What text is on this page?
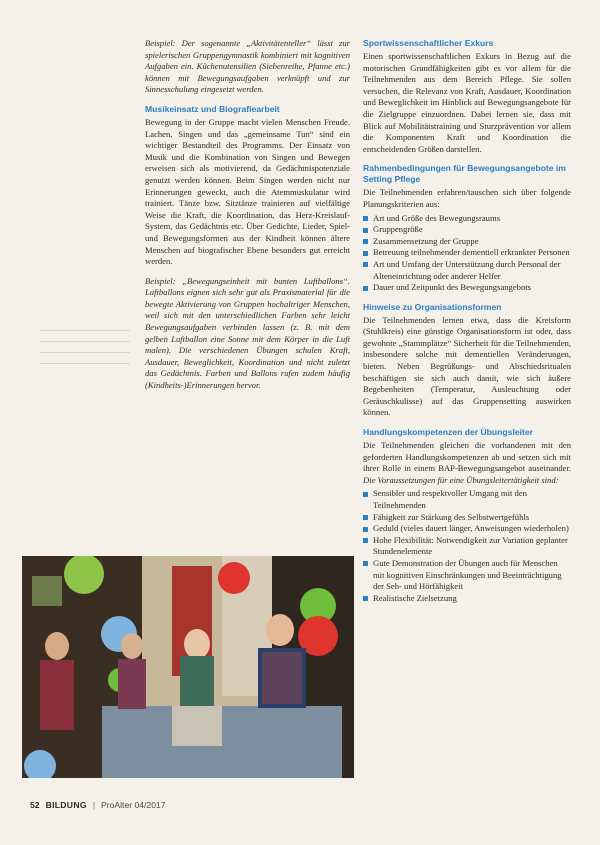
Beispiel: Der sogenannte „Aktivitätenteller“ lässt zur spielerischen Gruppengymnastik kombiniert mit kognitiven Aufgaben ein. Küchenutensilien (Siebenreihe, Pfanne etc.) können mit Bewegungsaufgaben verknüpft und zur Sinnesschulung eingesetzt werden.

Musikeinsatz und Biografiearbeit

Bewegung in der Gruppe macht vielen Menschen Freude. Lachen, Singen und das „gemeinsame Tun“ sind ein wichtiger Bestandteil des Programms. Der Einsatz von Musik und die Kombination von Singen und Bewegen erweisen sich als motivierend, da Gedächtnispotenziale genutzt werden können. Beim Singen werden nicht nur Erinnerungen geweckt, auch die Atemmuskulatur wird trainiert. Tänze bzw. Sitztänze trainieren auf vielfältige Weise die Kraft, die Koordination, das Herz-Kreislauf-System, das Gedächtnis etc. Über Gedichte, Lieder, Spiel- und Bewegungsformen aus der Kindheit können ältere Menschen auf biografischer Ebene besonders gut erreicht werden.

Beispiel: „Bewegungseinheit mit bunten Luftballons“. Luftballons eignen sich sehr gut als Praxismaterial für die bewegte Aktivierung von Gruppen hochaltriger Menschen, weil sich mit den unterschiedlichen Farben sehr leicht Bewegungsaufgaben verbinden lassen (z. B. mit dem gelben Luftballon eine Sonne mit dem Körper in die Luft malen). Die verschiedenen Übungen schulen Kraft, Ausdauer, Beweglichkeit, Koordination und nicht zuletzt das Gedächtnis. Farben und Ballons rufen zudem häufig (Kindheits-)Erinnerungen hervor.

Sportwissenschaftlicher Exkurs

Einen sportwissenschaftlichen Exkurs in Bezug auf die motorischen Grundfähigkeiten gibt es vor allem für die Teilnehmenden aus dem Bereich Pflege. Sie sollen versuchen, die Relevanz von Kraft, Ausdauer, Koordination und Beweglichkeit im Hinblick auf Bewegungsangebote für die Zielgruppe einzuordnen. Dabei lernen sie, dass mit Blick auf Mobilitätstraining und Sturzprävention vor allem die Komponenten Kraft und Koordination die entscheidenden Größen darstellen.

Rahmenbedingungen für Bewegungsangebote im Setting Pflege

Die Teilnehmenden erfahren/tauschen sich über folgende Planungskriterien aus:

Art und Größe des Bewegungsraums
Gruppengröße
Zusammensetzung der Gruppe
Betreuung teilnehmender dementiell erkrankter Personen
Art und Umfang der Unterstützung durch Personal der Alteneinrichtung oder anderer Helfer
Dauer und Zeitpunkt des Bewegungsangebots
Hinweise zu Organisationsformen

Die Teilnehmenden lernen etwa, dass die Kreisform (Stuhlkreis) eine günstige Organisationsform ist oder, dass gewohnte „Stammplätze“ Sicherheit für die Teilnehmenden, insbesondere solche mit dementiellen Veränderungen, bieten. Neben Begrüßungs- und Abschiedsritualen beschäftigen sie sich auch damit, wie sich äußere Begebenheiten (Temperatur, Ausleuchtung oder Geräuschkulisse) auf das Gruppensetting auswirken können.

Handlungskompetenzen der Übungsleiter

Die Teilnehmenden gleichen die vorhandenen mit den geforderten Handlungskompetenzen ab und setzen sich mit ihrer Rolle in einem BAP-Bewegungsangebot auseinander. Die Voraussetzungen für eine Übungsleitertätigkeit sind:

Sensibler und respektvoller Umgang mit den Teilnehmenden
Fähigkeit zur Stärkung des Selbstwertgefühls
Geduld (vieles dauert länger, Anweisungen wiederholen)
Hohe Flexibilität: Notwendigkeit zur Variation geplanter Stundenelemente
Gute Demonstration der Übungen auch für Menschen mit kognitiven Einschränkungen und Beeinträchtigung der Seh- und Hörfähigkeit
Realistische Zielsetzung
52 BILDUNG | ProAlter 04/2017
